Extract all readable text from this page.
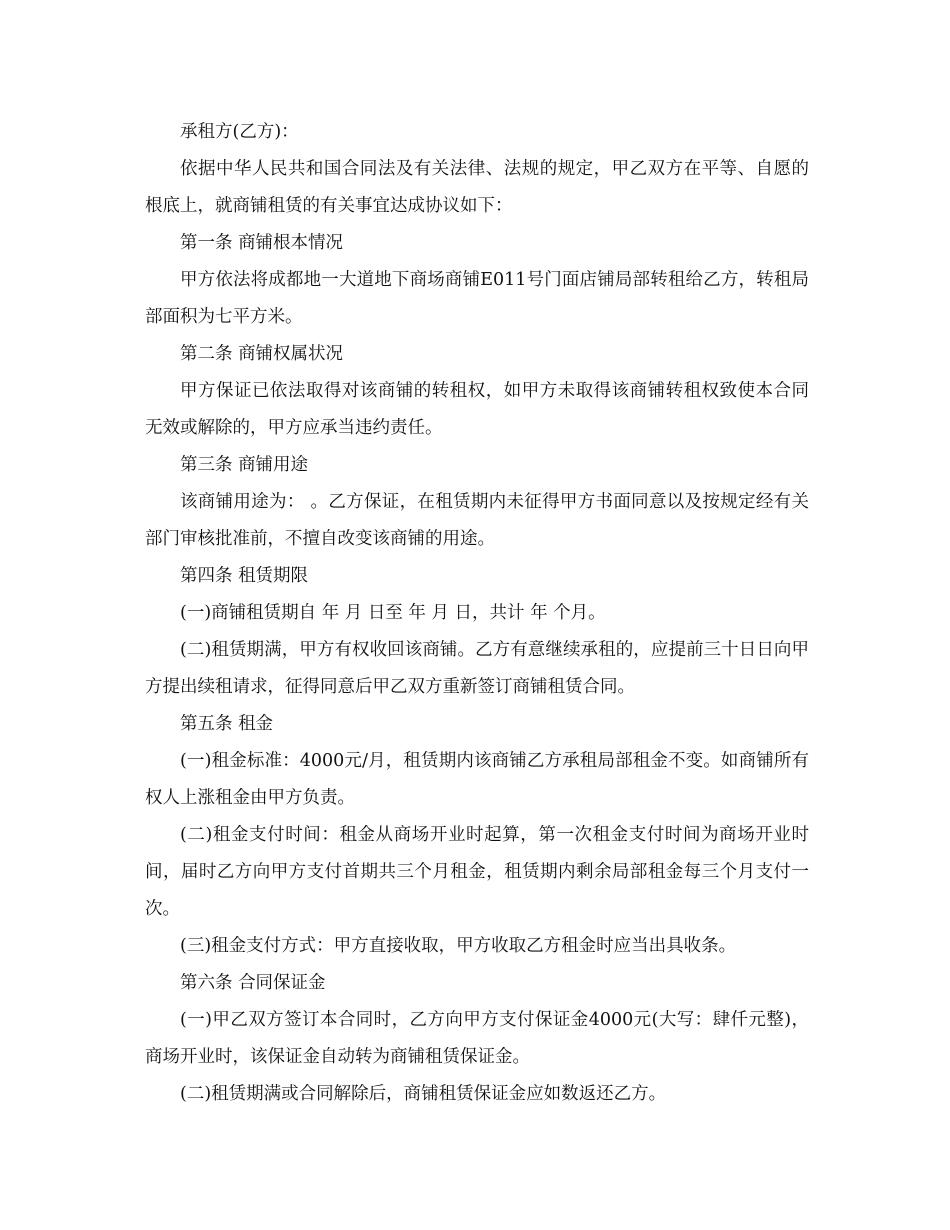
承租方(乙方)：

依据中华人民共和国合同法及有关法律、法规的规定，甲乙双方在平等、自愿的根底上，就商铺租赁的有关事宜达成协议如下：

第一条 商铺根本情况

甲方依法将成都地一大道地下商场商铺E011号门面店铺局部转租给乙方，转租局部面积为七平方米。

第二条 商铺权属状况

甲方保证已依法取得对该商铺的转租权，如甲方未取得该商铺转租权致使本合同无效或解除的，甲方应承当违约责任。

第三条 商铺用途

该商铺用途为： 。乙方保证，在租赁期内未征得甲方书面同意以及按规定经有关部门审核批准前，不擅自改变该商铺的用途。

第四条 租赁期限

(一)商铺租赁期自 年 月 日至 年 月 日，共计 年 个月。

(二)租赁期满，甲方有权收回该商铺。乙方有意继续承租的，应提前三十日日向甲方提出续租请求，征得同意后甲乙双方重新签订商铺租赁合同。

第五条 租金

(一)租金标准：4000元/月，租赁期内该商铺乙方承租局部租金不变。如商铺所有权人上涨租金由甲方负责。

(二)租金支付时间：租金从商场开业时起算，第一次租金支付时间为商场开业时间，届时乙方向甲方支付首期共三个月租金，租赁期内剩余局部租金每三个月支付一次。

(三)租金支付方式：甲方直接收取，甲方收取乙方租金时应当出具收条。

第六条 合同保证金

(一)甲乙双方签订本合同时，乙方向甲方支付保证金4000元(大写：肆仟元整)，商场开业时，该保证金自动转为商铺租赁保证金。

(二)租赁期满或合同解除后，商铺租赁保证金应如数返还乙方。
